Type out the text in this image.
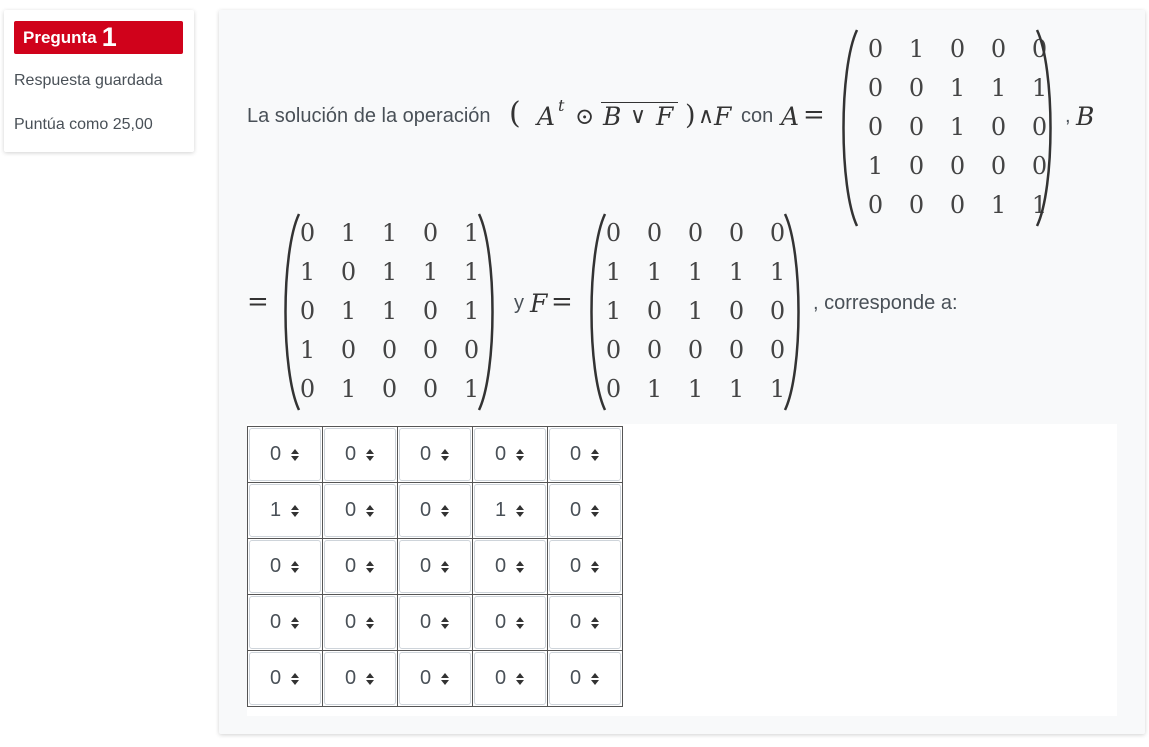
Pregunta 1
Respuesta guardada
Puntúa como 25,00	La solución de la operación ( A t ⊙ B ∨ F ) ∧ F con A =
0	1	0	0	0
0	0	1	1	1
0	0	1	0	0
1	0	0	0	0
0	0	0	1	1
, B
=
0	1	1	0	1
1	0	1	1	1
0	1	1	0	1
1	0	0	0	0
0	1	0	0	1
y F =
0	0	0	0	0
1	1	1	1	1
1	0	1	0	0
0	0	0	0	0
0	1	1	1	1
, corresponde a:
0	0	0	0	0

1	0	0	1	0

0	0	0	0	0

0	0	0	0	0

0	0	0	0	0
